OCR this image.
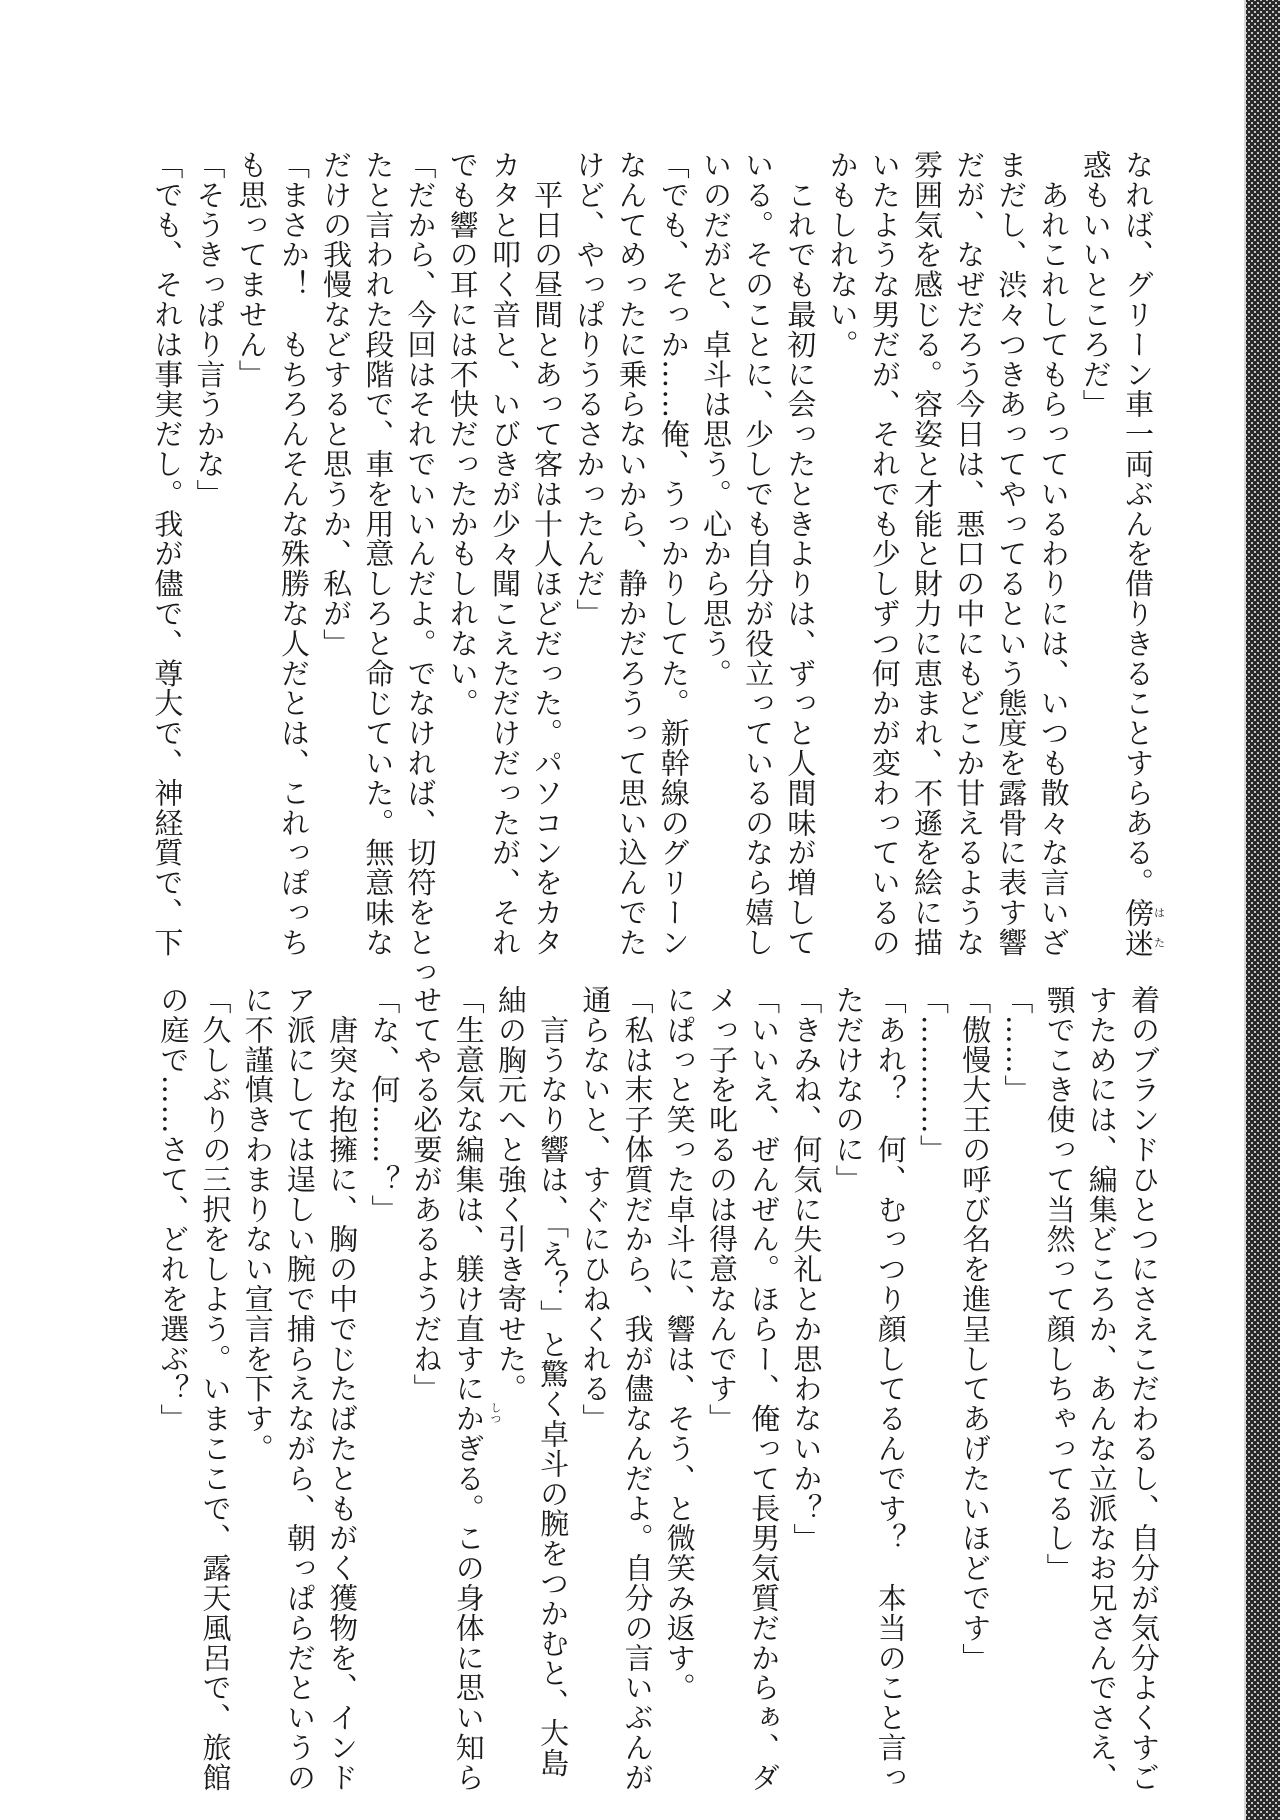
なれば、グリーン車一両ぶんを借りきることすらある。傍迷はた
惑もいいところだ」
　あれこれしてもらっているわりには、いつも散々な言いざ
まだし、渋々つきあってやってるという態度を露骨に表す響
だが、なぜだろう今日は、悪口の中にもどこか甘えるような
雰囲気を感じる。容姿と才能と財力に恵まれ、不遜を絵に描
いたような男だが、それでも少しずつ何かが変わっているの
かもしれない。
　これでも最初に会ったときよりは、ずっと人間味が増して
いる。そのことに、少しでも自分が役立っているのなら嬉し
いのだがと、卓斗は思う。心から思う。
「でも、そっか……俺、うっかりしてた。新幹線のグリーン
なんてめったに乗らないから、静かだろうって思い込んでた
けど、やっぱりうるさかったんだ」
　平日の昼間とあって客は十人ほどだった。パソコンをカタ
カタと叩く音と、いびきが少々聞こえただけだったが、それ
でも響の耳には不快だったかもしれない。
「だから、今回はそれでいいんだよ。でなければ、切符をとっ
たと言われた段階で、車を用意しろと命じていた。無意味な
だけの我慢などすると思うか、私が」
「まさか！　もちろんそんな殊勝な人だとは、これっぽっち
も思ってません」
「そうきっぱり言うかな」
「でも、それは事実だし。我が儘で、尊大で、神経質で、下
着のブランドひとつにさえこだわるし、自分が気分よくすご
すためには、編集どころか、あんな立派なお兄さんでさえ、
顎でこき使って当然って顔しちゃってるし」
「……」
「傲慢大王の呼び名を進呈してあげたいほどです」
「…………」
「あれ？　何、むっつり顔してるんです？　本当のこと言っ
ただけなのに」
「きみね、何気に失礼とか思わないか？」
「いいえ、ぜんぜん。ほらー、俺って長男気質だからぁ、ダ
メっ子を叱るのは得意なんです」
にぱっと笑った卓斗に、響は、そう、と微笑み返す。
「私は末子体質だから、我が儘なんだよ。自分の言いぶんが
通らないと、すぐにひねくれる」
　言うなり響は、「え？」と驚く卓斗の腕をつかむと、大島
紬の胸元へと強く引き寄せた。
「生意気な編集は、躾け直すにかぎる。この身体に思い知ら
せてやる必要があるようだね」
「な、何……？」
　唐突な抱擁に、胸の中でじたばたともがく獲物を、インド
ア派にしては逞しい腕で捕らえながら、朝っぱらだというの
に不謹慎きわまりない宣言を下す。
「久しぶりの三択をしよう。いまここで、露天風呂で、旅館
の庭で……さて、どれを選ぶ？」	しつ
